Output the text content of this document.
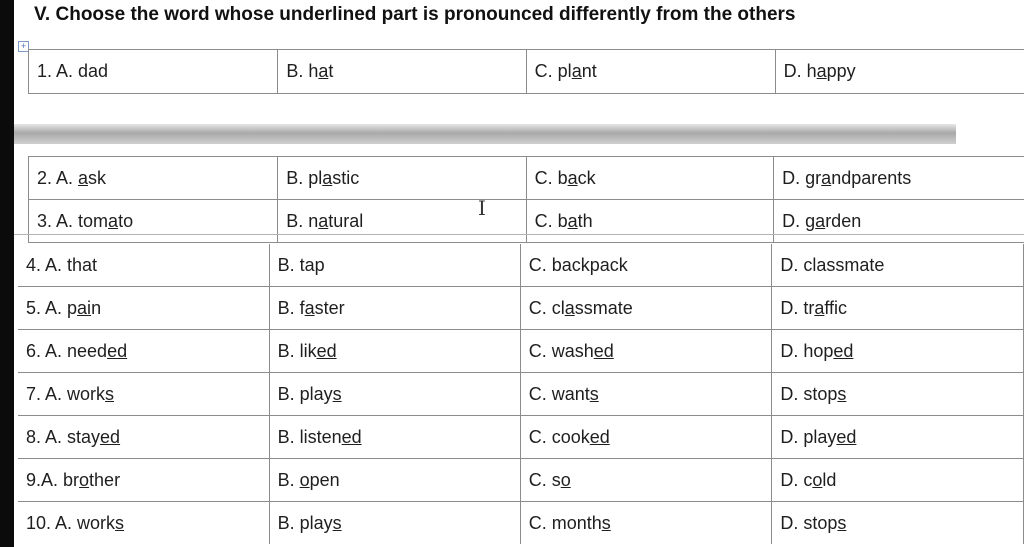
V. Choose the word whose underlined part is pronounced differently from the others
+
1. A. dad	B. hat	C. plant	D. happy
2. A. ask	B. plastic	C. back	D. grandparents
3. A. tomato	B. natural	C. bath	D. garden
4. A. that	B. tap	C. backpack	D. classmate
5. A. pain	B. faster	C. classmate	D. traffic
6. A. needed	B. liked	C. washed	D. hoped
7. A. works	B. plays	C. wants	D. stops
8. A. stayed	B. listened	C. cooked	D. played
9.A. brother	B. open	C. so	D. cold
10. A. works	B. plays	C. months	D. stops
I
